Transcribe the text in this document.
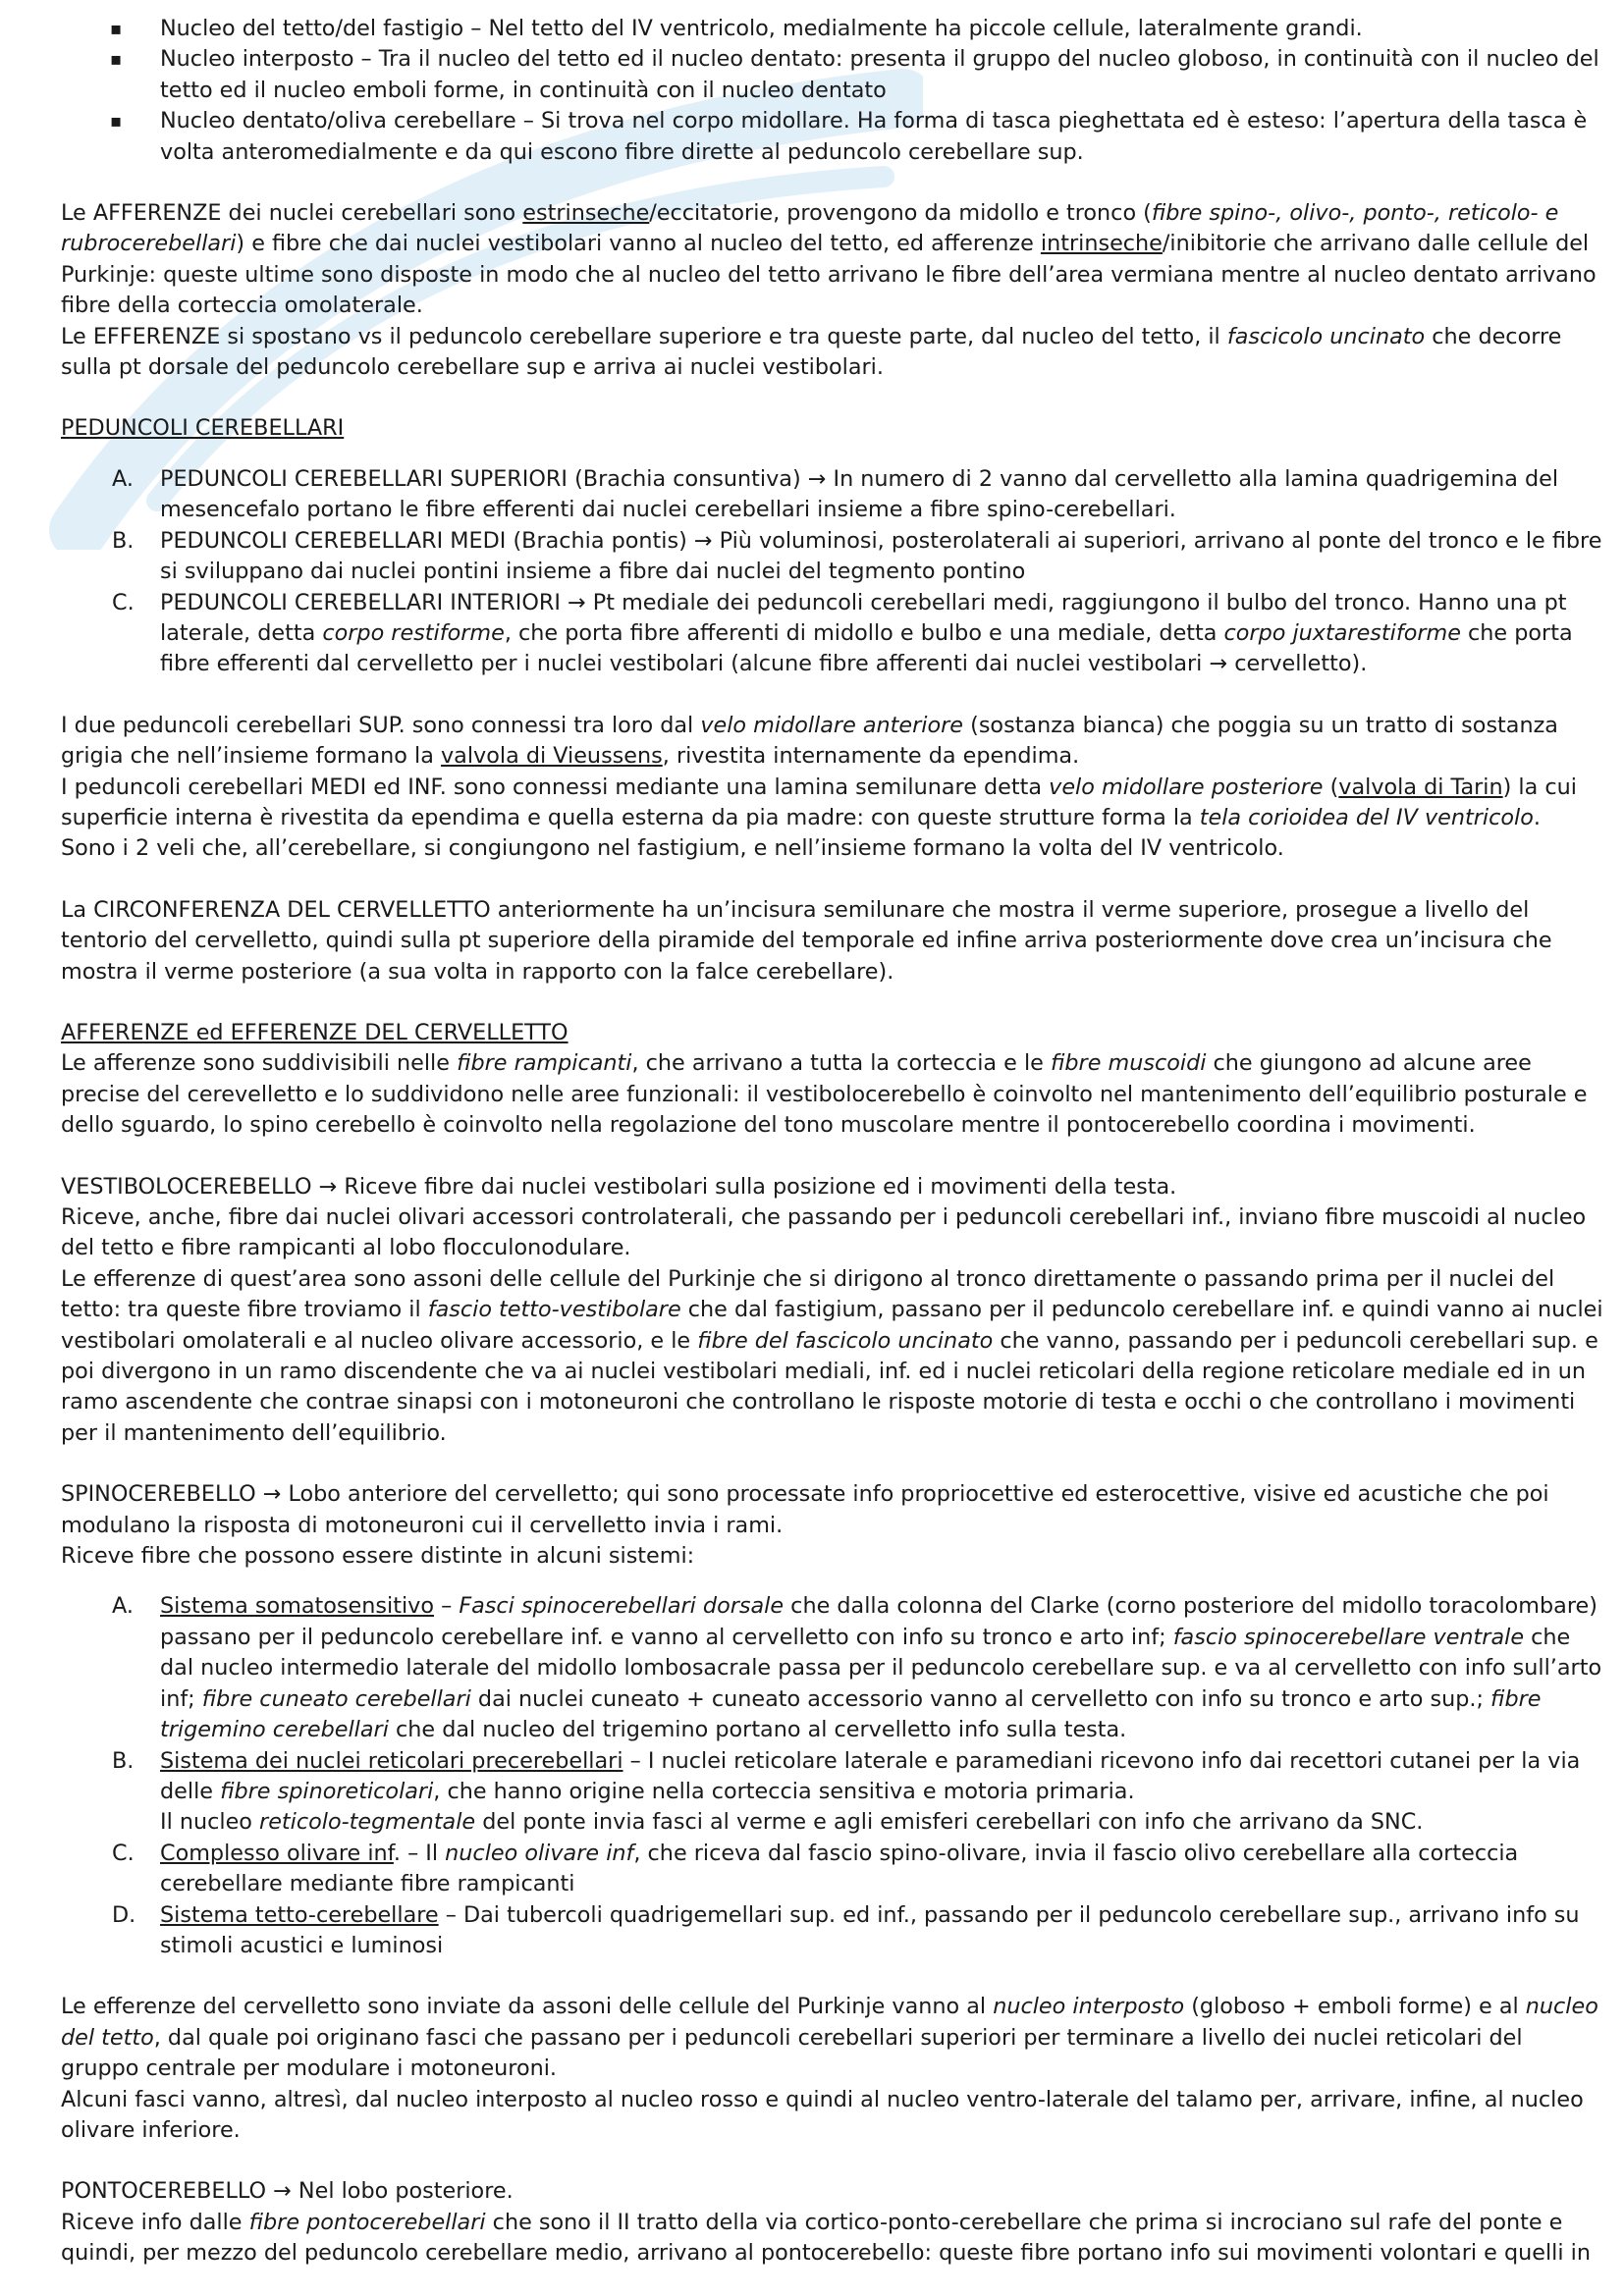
▪ Nucleo del tetto/del fastigio – Nel tetto del IV ventricolo, medialmente ha piccole cellule, lateralmente grandi.
▪ Nucleo interposto – Tra il nucleo del tetto ed il nucleo dentato: presenta il gruppo del nucleo globoso, in continuità con il nucleo del tetto ed il nucleo emboli forme, in continuità con il nucleo dentato
▪ Nucleo dentato/oliva cerebellare – Si trova nel corpo midollare. Ha forma di tasca pieghettata ed è esteso: l’apertura della tasca è volta anteromedialmente e da qui escono fibre dirette al peduncolo cerebellare sup.

Le AFFERENZE dei nuclei cerebellari sono estrinseche/eccitatorie, provengono da midollo e tronco (fibre spino-, olivo-, ponto-, reticolo- e rubrocerebellari) e fibre che dai nuclei vestibolari vanno al nucleo del tetto, ed afferenze intrinseche/inibitorie che arrivano dalle cellule del Purkinje: queste ultime sono disposte in modo che al nucleo del tetto arrivano le fibre dell’area vermiana mentre al nucleo dentato arrivano fibre della corteccia omolaterale.

Le EFFERENZE si spostano vs il peduncolo cerebellare superiore e tra queste parte, dal nucleo del tetto, il fascicolo uncinato che decorre sulla pt dorsale del peduncolo cerebellare sup e arriva ai nuclei vestibolari.

PEDUNCOLI CEREBELLARI

A. PEDUNCOLI CEREBELLARI SUPERIORI (Brachia consuntiva) → In numero di 2 vanno dal cervelletto alla lamina quadrigemina del mesencefalo portano le fibre efferenti dai nuclei cerebellari insieme a fibre spino-cerebellari.
B. PEDUNCOLI CEREBELLARI MEDI (Brachia pontis) → Più voluminosi, posterolaterali ai superiori, arrivano al ponte del tronco e le fibre si sviluppano dai nuclei pontini insieme a fibre dai nuclei del tegmento pontino
C. PEDUNCOLI CEREBELLARI INTERIORI → Pt mediale dei peduncoli cerebellari medi, raggiungono il bulbo del tronco. Hanno una pt laterale, detta corpo restiforme, che porta fibre afferenti di midollo e bulbo e una mediale, detta corpo juxtarestiforme che porta fibre efferenti dal cervelletto per i nuclei vestibolari (alcune fibre afferenti dai nuclei vestibolari → cervelletto).

I due peduncoli cerebellari SUP. sono connessi tra loro dal velo midollare anteriore (sostanza bianca) che poggia su un tratto di sostanza grigia che nell’insieme formano la valvola di Vieussens, rivestita internamente da ependima.

I peduncoli cerebellari MEDI ed INF. sono connessi mediante una lamina semilunare detta velo midollare posteriore (valvola di Tarin) la cui superficie interna è rivestita da ependima e quella esterna da pia madre: con queste strutture forma la tela corioidea del IV ventricolo.

Sono i 2 veli che, all’cerebellare, si congiungono nel fastigium, e nell’insieme formano la volta del IV ventricolo.

La CIRCONFERENZA DEL CERVELLETTO anteriormente ha un’incisura semilunare che mostra il verme superiore, prosegue a livello del tentorio del cervelletto, quindi sulla pt superiore della piramide del temporale ed infine arriva posteriormente dove crea un’incisura che mostra il verme posteriore (a sua volta in rapporto con la falce cerebellare).

AFFERENZE ed EFFERENZE DEL CERVELLETTO

Le afferenze sono suddivisibili nelle fibre rampicanti, che arrivano a tutta la corteccia e le fibre muscoidi che giungono ad alcune aree precise del cerevelletto e lo suddividono nelle aree funzionali: il vestibolocerebello è coinvolto nel mantenimento dell’equilibrio posturale e dello sguardo, lo spino cerebello è coinvolto nella regolazione del tono muscolare mentre il pontocerebello coordina i movimenti.

VESTIBOLOCEREBELLO → Riceve fibre dai nuclei vestibolari sulla posizione ed i movimenti della testa.

Riceve, anche, fibre dai nuclei olivari accessori controlaterali, che passando per i peduncoli cerebellari inf., inviano fibre muscoidi al nucleo del tetto e fibre rampicanti al lobo flocculonodulare.

Le efferenze di quest’area sono assoni delle cellule del Purkinje che si dirigono al tronco direttamente o passando prima per il nuclei del tetto: tra queste fibre troviamo il fascio tetto-vestibolare che dal fastigium, passano per il peduncolo cerebellare inf. e quindi vanno ai nuclei vestibolari omolaterali e al nucleo olivare accessorio, e le fibre del fascicolo uncinato che vanno, passando per i peduncoli cerebellari sup. e poi divergono in un ramo discendente che va ai nuclei vestibolari mediali, inf. ed i nuclei reticolari della regione reticolare mediale ed in un ramo ascendente che contrae sinapsi con i motoneuroni che controllano le risposte motorie di testa e occhi o che controllano i movimenti per il mantenimento dell’equilibrio.

SPINOCEREBELLO → Lobo anteriore del cervelletto; qui sono processate info propriocettive ed esterocettive, visive ed acustiche che poi modulano la risposta di motoneuroni cui il cervelletto invia i rami.

Riceve fibre che possono essere distinte in alcuni sistemi:

A. Sistema somatosensitivo – Fasci spinocerebellari dorsale che dalla colonna del Clarke (corno posteriore del midollo toracolombare) passano per il peduncolo cerebellare inf. e vanno al cervelletto con info su tronco e arto inf; fascio spinocerebellare ventrale che dal nucleo intermedio laterale del midollo lombosacrale passa per il peduncolo cerebellare sup. e va al cervelletto con info sull’arto inf; fibre cuneato cerebellari dai nuclei cuneato + cuneato accessorio vanno al cervelletto con info su tronco e arto sup.; fibre trigemino cerebellari che dal nucleo del trigemino portano al cervelletto info sulla testa.
B. Sistema dei nuclei reticolari precerebellari – I nuclei reticolare laterale e paramediani ricevono info dai recettori cutanei per la via delle fibre spinoreticolari, che hanno origine nella corteccia sensitiva e motoria primaria.
Il nucleo reticolo-tegmentale del ponte invia fasci al verme e agli emisferi cerebellari con info che arrivano da SNC.
C. Complesso olivare inf. – Il nucleo olivare inf, che riceva dal fascio spino-olivare, invia il fascio olivo cerebellare alla corteccia cerebellare mediante fibre rampicanti
D. Sistema tetto-cerebellare – Dai tubercoli quadrigemellari sup. ed inf., passando per il peduncolo cerebellare sup., arrivano info su stimoli acustici e luminosi

Le efferenze del cervelletto sono inviate da assoni delle cellule del Purkinje vanno al nucleo interposto (globoso + emboli forme) e al nucleo del tetto, dal quale poi originano fasci che passano per i peduncoli cerebellari superiori per terminare a livello dei nuclei reticolari del gruppo centrale per modulare i motoneuroni.

Alcuni fasci vanno, altresì, dal nucleo interposto al nucleo rosso e quindi al nucleo ventro-laterale del talamo per, arrivare, infine, al nucleo olivare inferiore.

PONTOCEREBELLO → Nel lobo posteriore.

Riceve info dalle fibre pontocerebellari che sono il II tratto della via cortico-ponto-cerebellare che prima si incrociano sul rafe del ponte e quindi, per mezzo del peduncolo cerebellare medio, arrivano al pontocerebello: queste fibre portano info sui movimenti volontari e quelli in
